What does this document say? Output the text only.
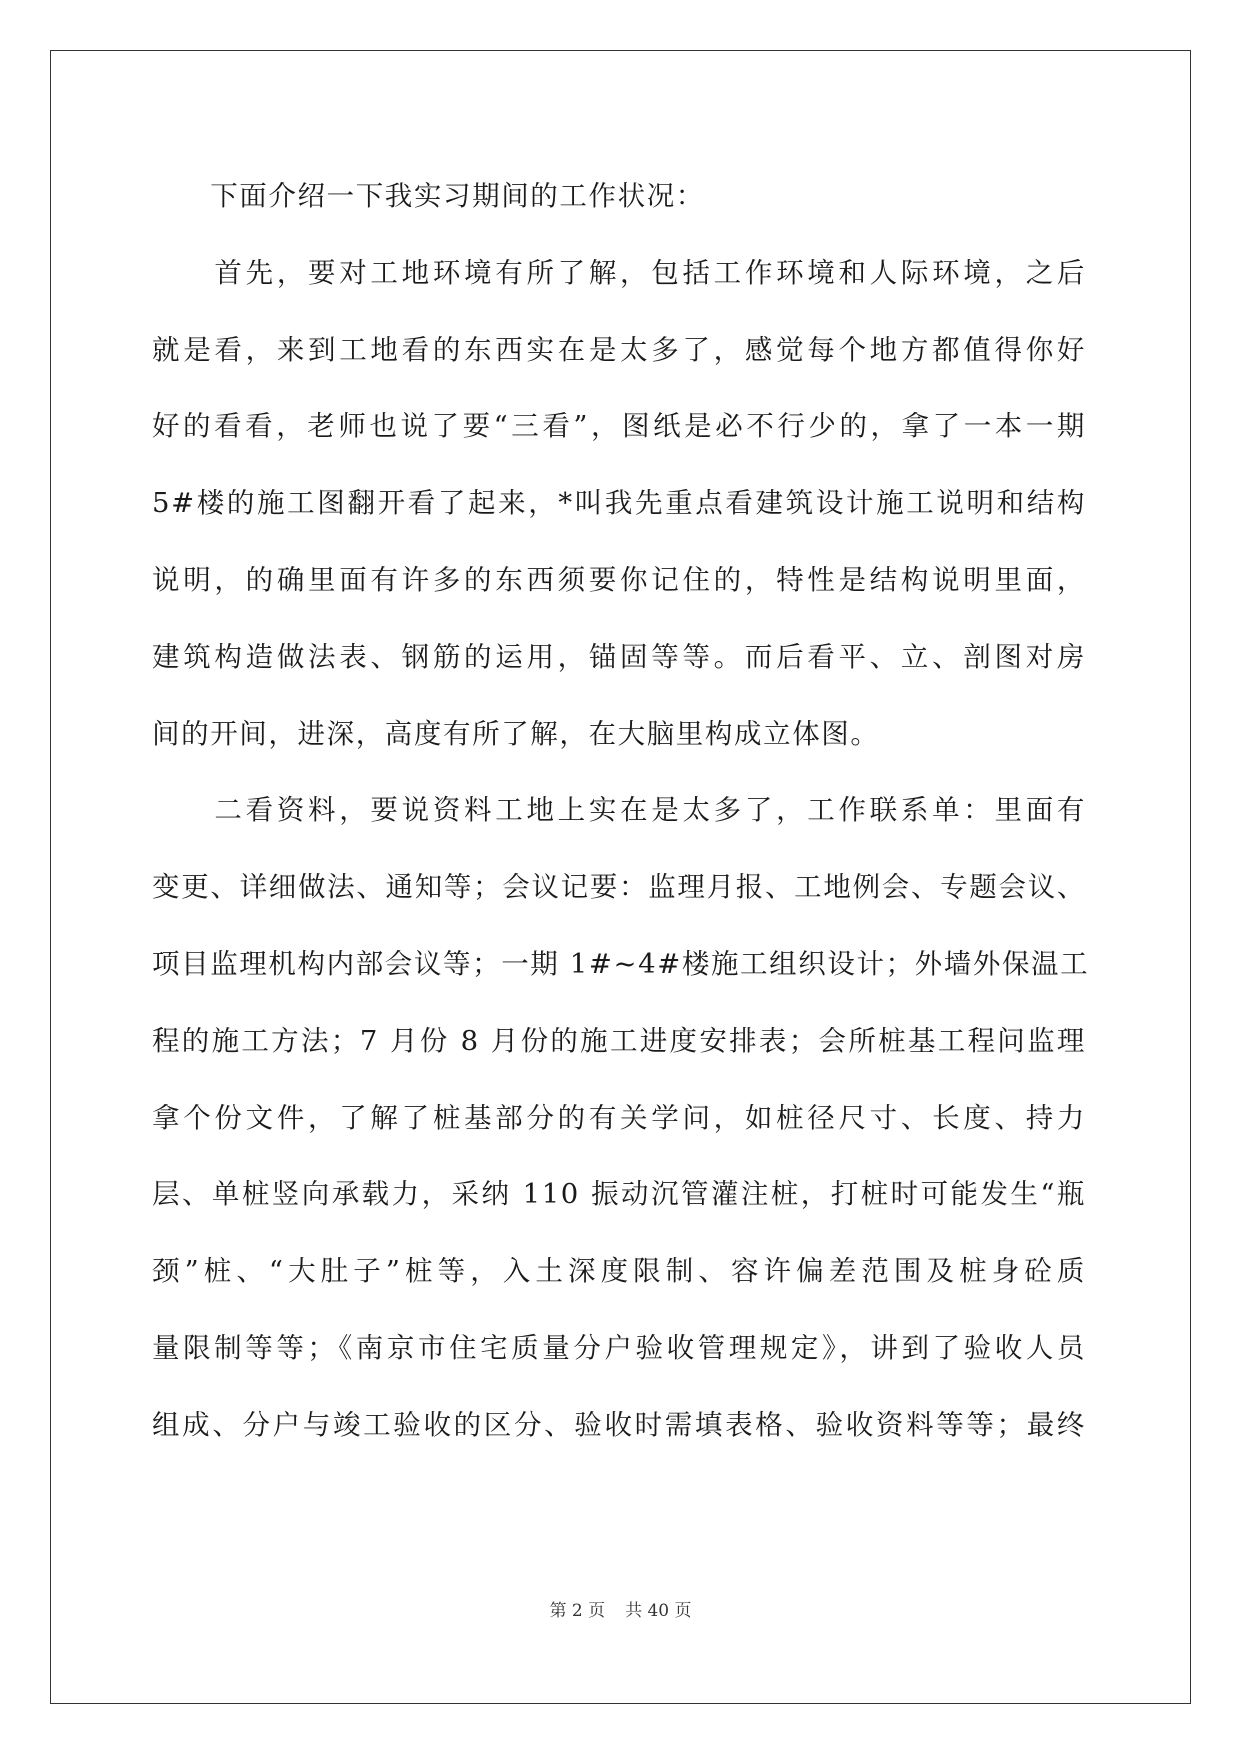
　　下面介绍一下我实习期间的工作状况：
　　首先，要对工地环境有所了解，包括工作环境和人际环境，之后
就是看，来到工地看的东西实在是太多了，感觉每个地方都值得你好
好的看看，老师也说了要“三看”，图纸是必不行少的，拿了一本一期
5#楼的施工图翻开看了起来，*叫我先重点看建筑设计施工说明和结构
说明，的确里面有许多的东西须要你记住的，特性是结构说明里面，
建筑构造做法表、钢筋的运用，锚固等等。而后看平、立、剖图对房
间的开间，进深，高度有所了解，在大脑里构成立体图。
　　二看资料，要说资料工地上实在是太多了，工作联系单：里面有
变更、详细做法、通知等；会议记要：监理月报、工地例会、专题会议、
项目监理机构内部会议等；一期 1#~4#楼施工组织设计；外墙外保温工
程的施工方法；7 月份 8 月份的施工进度安排表；会所桩基工程问监理
拿个份文件，了解了桩基部分的有关学问，如桩径尺寸、长度、持力
层、单桩竖向承载力，采纳 110 振动沉管灌注桩，打桩时可能发生“瓶
颈”桩、“大肚子”桩等，入土深度限制、容许偏差范围及桩身砼质
量限制等等；《南京市住宅质量分户验收管理规定》，讲到了验收人员
组成、分户与竣工验收的区分、验收时需填表格、验收资料等等；最终
第 2 页 共 40 页
